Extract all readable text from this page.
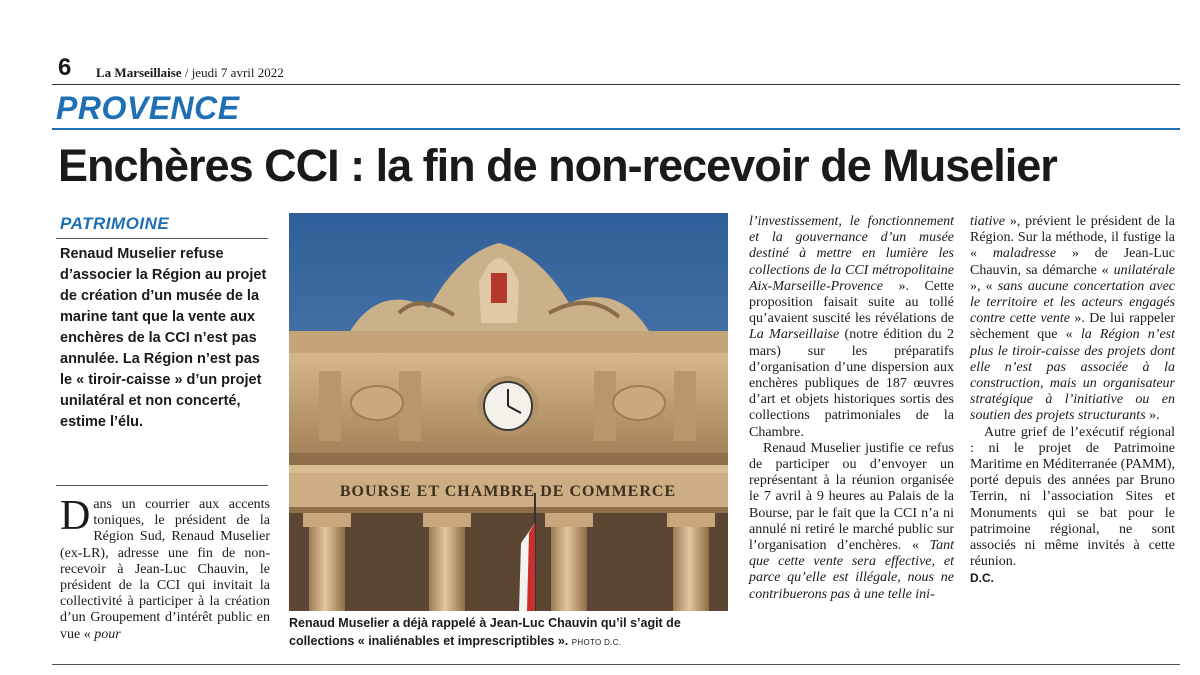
6 La Marseillaise / jeudi 7 avril 2022
PROVENCE
Enchères CCI : la fin de non-recevoir de Muselier
PATRIMOINE
Renaud Muselier refuse d’associer la Région au projet de création d’un musée de la marine tant que la vente aux enchères de la CCI n’est pas annulée. La Région n’est pas le « tiroir-caisse » d’un projet unilatéral et non concerté, estime l’élu.

Dans un courrier aux accents toniques, le président de la Région Sud, Renaud Muselier (ex-LR), adresse une fin de non-recevoir à Jean-Luc Chauvin, le président de la CCI qui invitait la collectivité à participer à la création d’un Groupement d’intérêt public en vue « pour

BOURSE ET CHAMBRE DE COMMERCE
Renaud Muselier a déjà rappelé à Jean-Luc Chauvin qu’il s’agit de collections « inaliénables et imprescriptibles ». PHOTO D.C.

l’investissement, le fonctionnement et la gouvernance d’un musée destiné à mettre en lumière les collections de la CCI métropolitaine Aix-Marseille-Provence ». Cette proposition faisait suite au tollé qu’avaient suscité les révélations de La Marseillaise (notre édition du 2 mars) sur les préparatifs d’organisation d’une dispersion aux enchères publiques de 187 œuvres d’art et objets historiques sortis des collections patrimoniales de la Chambre.

Renaud Muselier justifie ce refus de participer ou d’envoyer un représentant à la réunion organisée le 7 avril à 9 heures au Palais de la Bourse, par le fait que la CCI n’a ni annulé ni retiré le marché public sur l’organisation d’enchères. « Tant que cette vente sera effective, et parce qu’elle est illégale, nous ne contribuerons pas à une telle ini-

tiative », prévient le président de la Région. Sur la méthode, il fustige la « maladresse » de Jean-Luc Chauvin, sa démarche « unilatérale », « sans aucune concertation avec le territoire et les acteurs engagés contre cette vente ». De lui rappeler sèchement que « la Région n’est plus le tiroir-caisse des projets dont elle n’est pas associée à la construction, mais un organisateur stratégique à l’initiative ou en soutien des projets structurants ».

Autre grief de l’exécutif régional : ni le projet de Patrimoine Maritime en Méditerranée (PAMM), porté depuis des années par Bruno Terrin, ni l’association Sites et Monuments qui se bat pour le patrimoine régional, ne sont associés ni même invités à cette réunion.

D.C.
